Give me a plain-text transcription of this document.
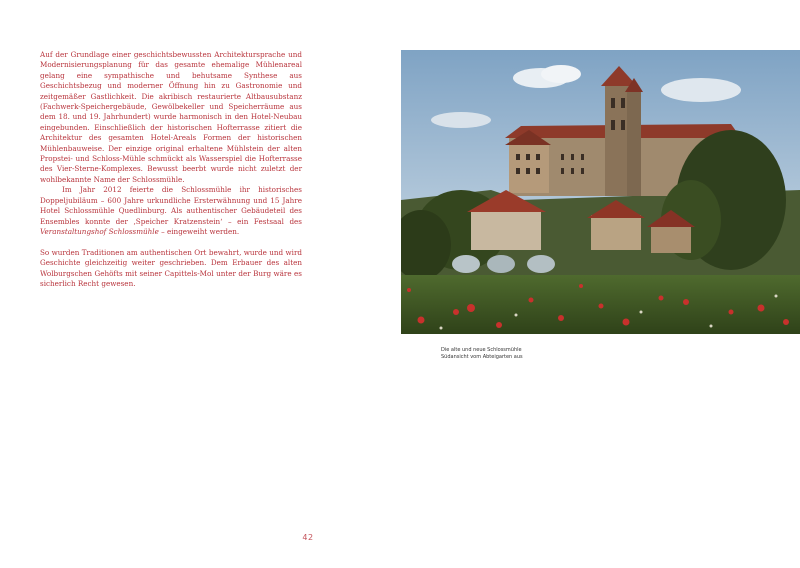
Auf der Grundlage einer geschichtsbewussten Architektursprache und Modernisierungsplanung für das gesamte ehemalige Mühlenareal gelang eine sympathische und behutsame Synthese aus Geschichtsbezug und moderner Öffnung hin zu Gastronomie und zeitgemäßer Gastlichkeit. Die akribisch restaurierte Altbausubstanz (Fachwerk-Speichergebäude, Gewölbekeller und Speicherräume aus dem 18. und 19. Jahrhundert) wurde harmonisch in den Hotel-Neubau eingebunden. Einschließlich der historischen Hofterrasse zitiert die Architektur des gesamten Hotel-Areals Formen der historischen Mühlenbauweise. Der einzige original erhaltene Mühlstein der alten Propstei- und Schloss-Mühle schmückt als Wasserspiel die Hofterrasse des Vier-Sterne-Komplexes. Bewusst beerbt wurde nicht zuletzt der wohlbekannte Name der Schlossmühle.

Im Jahr 2012 feierte die Schlossmühle ihr historisches Doppeljubiläum – 600 Jahre urkundliche Ersterwähnung und 15 Jahre Hotel Schlossmühle Quedlinburg. Als authentischer Gebäudeteil des Ensembles konnte der ‚Speicher Kratzenstein‘ – ein Festsaal des Veranstaltungshof Schlossmühle – eingeweiht werden.

So wurden Traditionen am authentischen Ort bewahrt, wurde und wird Geschichte gleichzeitig weiter geschrieben. Dem Erbauer des alten Wolburgschen Gehöfts mit seiner Capittels-Mol unter der Burg wäre es sicherlich Recht gewesen.

Die alte und neue Schlossmühle
Südansicht vom Abteigarten aus
42
